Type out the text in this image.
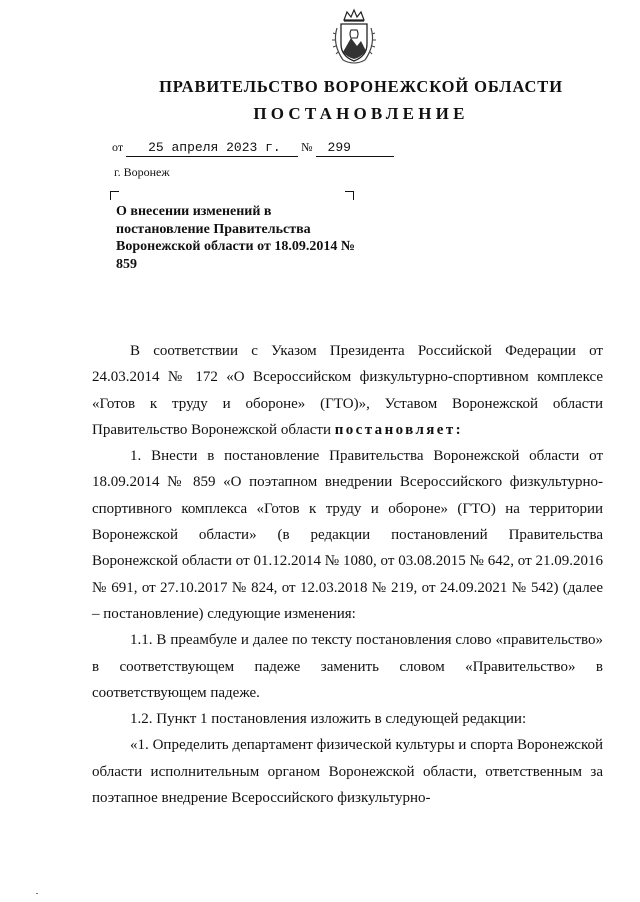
ПРАВИТЕЛЬСТВО ВОРОНЕЖСКОЙ ОБЛАСТИ
ПОСТАНОВЛЕНИЕ
от 25 апреля 2023 г. № 299
г. Воронеж
О внесении изменений в постановление Правительства Воронежской области от 18.09.2014 № 859

В соответствии с Указом Президента Российской Федерации от 24.03.2014 № 172 «О Всероссийском физкультурно-спортивном комплексе «Готов к труду и обороне» (ГТО)», Уставом Воронежской области Правительство Воронежской области постановляет:

1. Внести в постановление Правительства Воронежской области от 18.09.2014 № 859 «О поэтапном внедрении Всероссийского физкультурно-спортивного комплекса «Готов к труду и обороне» (ГТО) на территории Воронежской области» (в редакции постановлений Правительства Воронежской области от 01.12.2014 № 1080, от 03.08.2015 № 642, от 21.09.2016 № 691, от 27.10.2017 № 824, от 12.03.2018 № 219, от 24.09.2021 № 542) (далее – постановление) следующие изменения:

1.1. В преамбуле и далее по тексту постановления слово «правительство» в соответствующем падеже заменить словом «Правительство» в соответствующем падеже.

1.2. Пункт 1 постановления изложить в следующей редакции:

«1. Определить департамент физической культуры и спорта Воронежской области исполнительным органом Воронежской области, ответственным за поэтапное внедрение Всероссийского физкультурно-
